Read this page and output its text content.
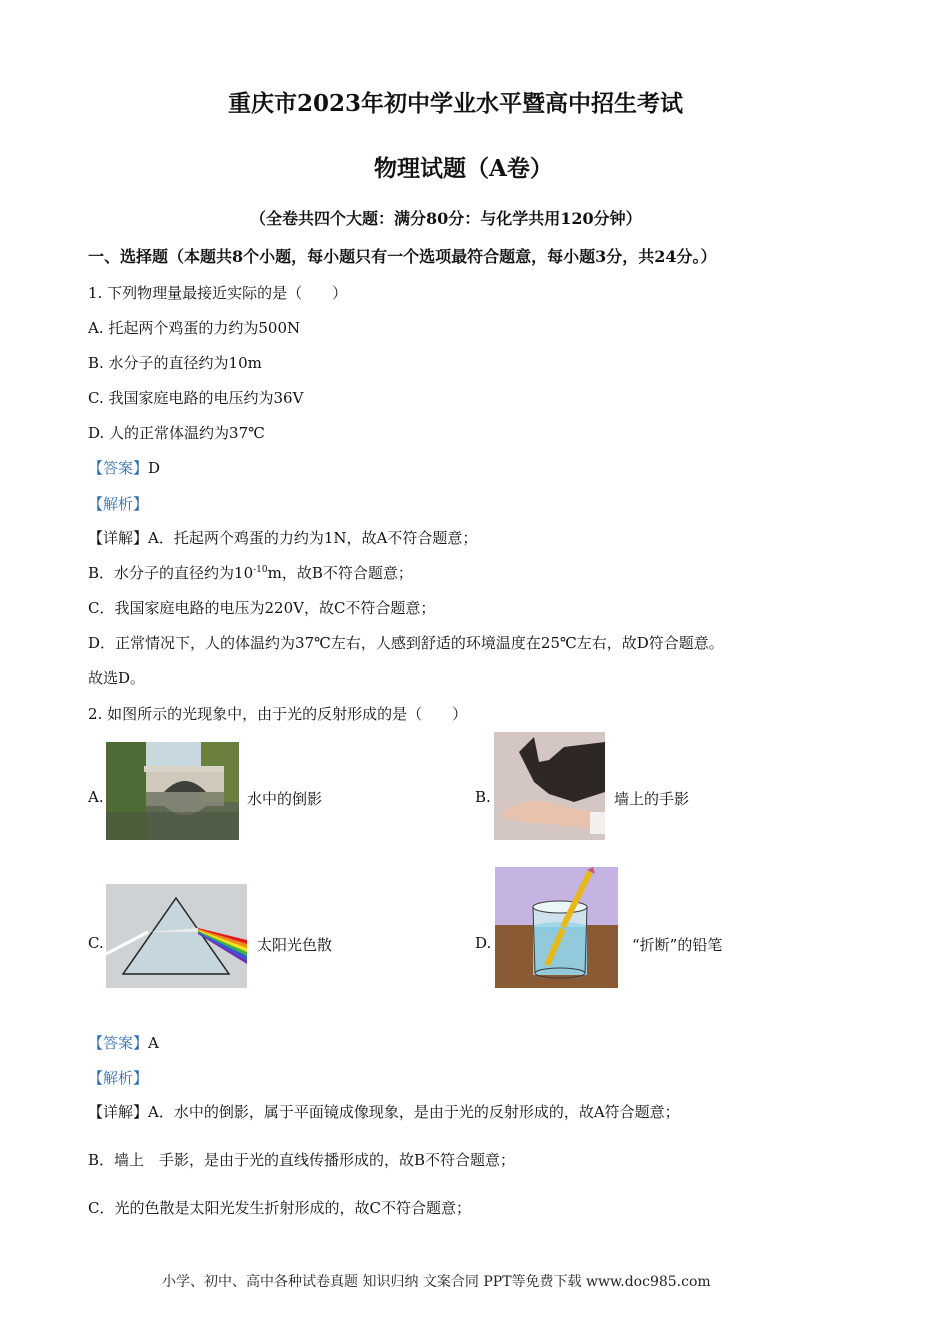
重庆市2023年初中学业水平暨高中招生考试
物理试题（A卷）
（全卷共四个大题：满分80分：与化学共用120分钟）
一、选择题（本题共8个小题，每小题只有一个选项最符合题意，每小题3分，共24分。）
1. 下列物理量最接近实际的是（　　）
A. 托起两个鸡蛋的力约为500N
B. 水分子的直径约为10m
C. 我国家庭电路的电压约为36V
D. 人的正常体温约为37℃
【答案】D
【解析】
【详解】A．托起两个鸡蛋的力约为1N，故A不符合题意；
B．水分子的直径约为$10^{-10}m$，故B不符合题意；
C．我国家庭电路的电压为220V，故C不符合题意；
D．正常情况下，人的体温约为37℃左右，人感到舒适的环境温度在25℃左右，故D符合题意。
故选D。
2. 如图所示的光现象中，由于光的反射形成的是（　　）
A.	水中的倒影	B.	墙上的手影
C.	太阳光色散	D.	“折断”的铅笔
【答案】A
【解析】
【详解】A．水中的倒影，属于平面镜成像现象，是由于光的反射形成的，故A符合题意；
B．墙上　手影，是由于光的直线传播形成的，故B不符合题意；
C．光的色散是太阳光发生折射形成的，故C不符合题意；
小学、初中、高中各种试卷真题 知识归纳 文案合同 PPT等免费下载 www.doc985.com
